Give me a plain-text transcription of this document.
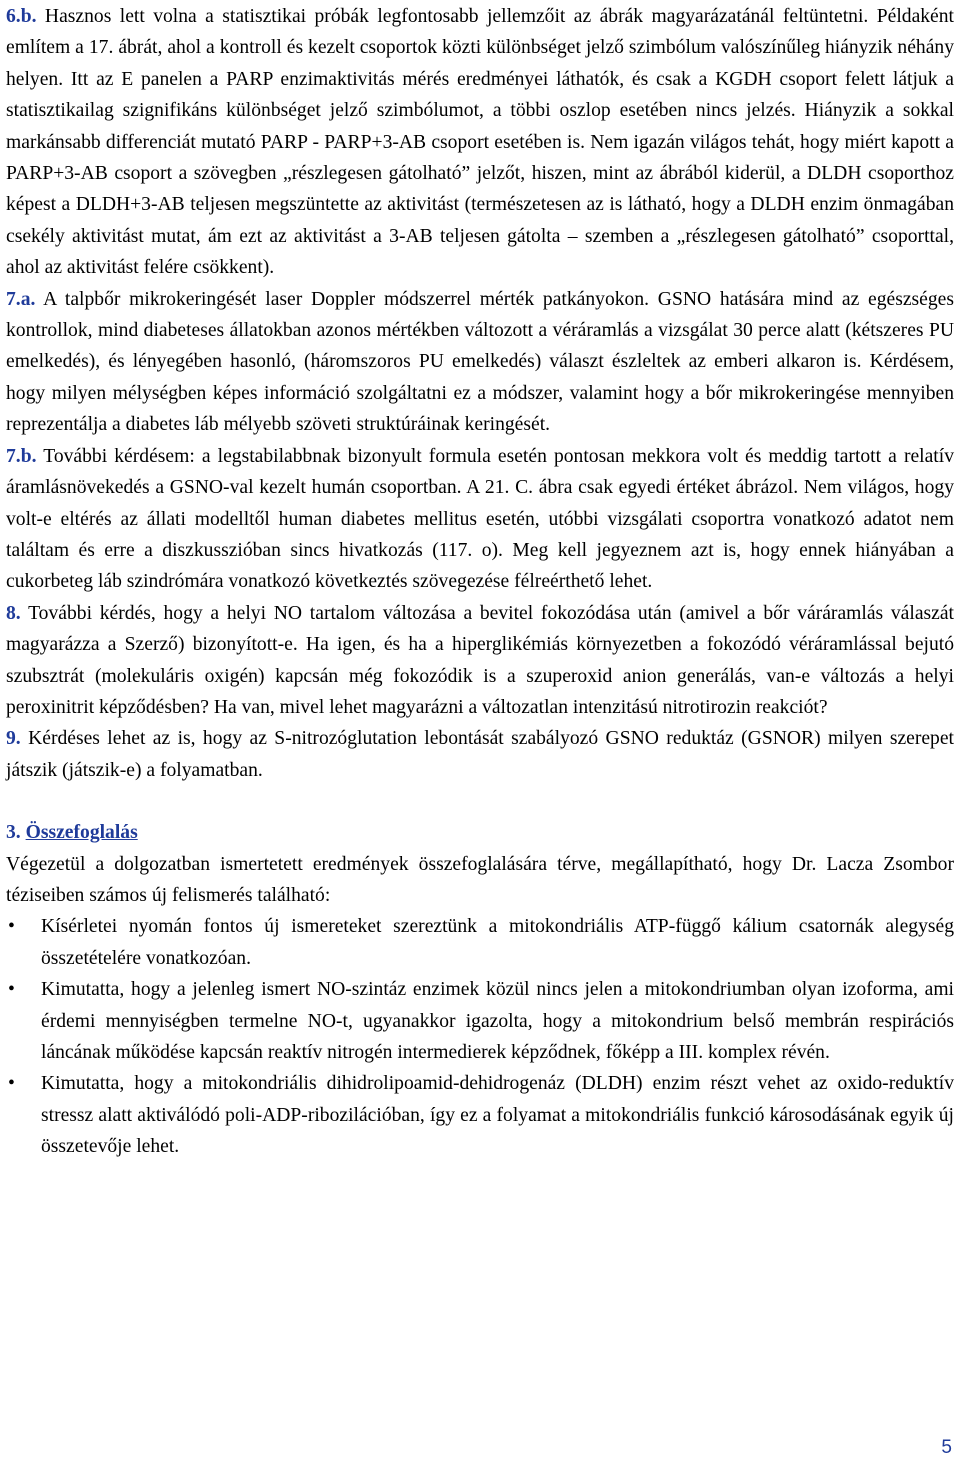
6.b. Hasznos lett volna a statisztikai próbák legfontosabb jellemzőit az ábrák magyarázatánál feltüntetni. Példaként említem a 17. ábrát, ahol a kontroll és kezelt csoportok közti különbséget jelző szimbólum valószínűleg hiányzik néhány helyen. Itt az E panelen a PARP enzimaktivitás mérés eredményei láthatók, és csak a KGDH csoport felett látjuk a statisztikailag szignifikáns különbséget jelző szimbólumot, a többi oszlop esetében nincs jelzés. Hiányzik a sokkal markánsabb differenciát mutató PARP - PARP+3-AB csoport esetében is. Nem igazán világos tehát, hogy miért kapott a PARP+3-AB csoport a szövegben „részlegesen gátolható” jelzőt, hiszen, mint az ábrából kiderül, a DLDH csoporthoz képest a DLDH+3-AB teljesen megszüntette az aktivitást (természetesen az is látható, hogy a DLDH enzim önmagában csekély aktivitást mutat, ám ezt az aktivitást a 3-AB teljesen gátolta – szemben a „részlegesen gátolható” csoporttal, ahol az aktivitást felére csökkent).

7.a. A talpbőr mikrokeringését laser Doppler módszerrel mérték patkányokon. GSNO hatására mind az egészséges kontrollok, mind diabeteses állatokban azonos mértékben változott a véráramlás a vizsgálat 30 perce alatt (kétszeres PU emelkedés), és lényegében hasonló, (háromszoros PU emelkedés) választ észleltek az emberi alkaron is. Kérdésem, hogy milyen mélységben képes információ szolgáltatni ez a módszer, valamint hogy a bőr mikrokeringése mennyiben reprezentálja a diabetes láb mélyebb szöveti struktúráinak keringését.

7.b. További kérdésem: a legstabilabbnak bizonyult formula esetén pontosan mekkora volt és meddig tartott a relatív áramlásnövekedés a GSNO-val kezelt humán csoportban. A 21. C. ábra csak egyedi értéket ábrázol. Nem világos, hogy volt-e eltérés az állati modelltől human diabetes mellitus esetén, utóbbi vizsgálati csoportra vonatkozó adatot nem találtam és erre a diszkusszióban sincs hivatkozás (117. o). Meg kell jegyeznem azt is, hogy ennek hiányában a cukorbeteg láb szindrómára vonatkozó következtés szövegezése félreérthető lehet.

8. További kérdés, hogy a helyi NO tartalom változása a bevitel fokozódása után (amivel a bőr váráramlás válaszát magyarázza a Szerző) bizonyított-e. Ha igen, és ha a hiperglikémiás környezetben a fokozódó véráramlással bejutó szubsztrát (molekuláris oxigén) kapcsán még fokozódik is a szuperoxid anion generálás, van-e változás a helyi peroxinitrit képződésben? Ha van, mivel lehet magyarázni a változatlan intenzitású nitrotirozin reakciót?

9. Kérdéses lehet az is, hogy az S-nitrozóglutation lebontását szabályozó GSNO reduktáz (GSNOR) milyen szerepet játszik (játszik-e) a folyamatban.

3. Összefoglalás

Végezetül a dolgozatban ismertetett eredmények összefoglalására térve, megállapítható, hogy Dr. Lacza Zsombor téziseiben számos új felismerés található:

• Kísérletei nyomán fontos új ismereteket szereztünk a mitokondriális ATP-függő kálium csatornák alegység összetételére vonatkozóan.
• Kimutatta, hogy a jelenleg ismert NO-szintáz enzimek közül nincs jelen a mitokondriumban olyan izoforma, ami érdemi mennyiségben termelne NO-t, ugyanakkor igazolta, hogy a mitokondrium belső membrán respirációs láncának működése kapcsán reaktív nitrogén intermedierek képződnek, főképp a III. komplex révén.
• Kimutatta, hogy a mitokondriális dihidrolipoamid-dehidrogenáz (DLDH) enzim részt vehet az oxido-reduktív stressz alatt aktiválódó poli-ADP-ribozilációban, így ez a folyamat a mitokondriális funkció károsodásának egyik új összetevője lehet.
5
